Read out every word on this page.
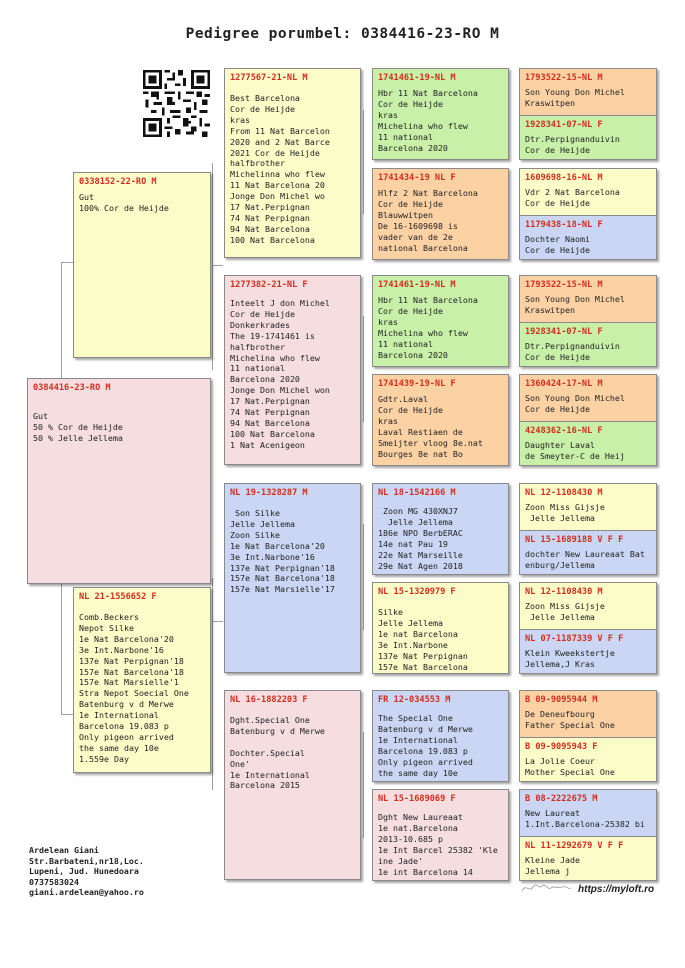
Pedigree porumbel: 0384416-23-RO M
0338152-22-RO M
Gut
100% Cor de Heijde
0384416-23-RO M
Gut
50 % Cor de Heijde
50 % Jelle Jellema
NL 21-1556652 F
Comb.Beckers
Nepot Silke
1e Nat Barcelona'20
3e Int.Narbone'16
137e Nat Perpignan'18
157e Nat Barcelona'18
157e Nat Marsielle'1
Stra Nepot Soecial One
Batenburg v d Merwe
1e International
Barcelona 19.083 p
Only pigeon arrived
the same day 10e
1.559e Day
1277567-21-NL M
Best Barcelona
Cor de Heijde
kras
From 11 Nat Barcelon
2020 and 2 Nat Barce
2021 Cor de Heijde
halfbrother
Michelinna who flew
11 Nat Barcelona 20
Jonge Don Michel wo
17 Nat.Perpignan
74 Nat Perpignan
94 Nat Barcelona
100 Nat Barcelona
1277382-21-NL F
Inteelt J don Michel
Cor de Heijde
Donkerkrades
The 19-1741461 is
halfbrother
Michelina who flew
11 national
Barcelona 2020
Jonge Don Michel won
17 Nat.Perpignan
74 Nat Perpignan
94 Nat Barcelona
100 Nat Barcelona
1 Nat Acenigeon
NL 19-1328287 M
Son Silke
Jelle Jellema
Zoon Silke
1e Nat Barcelona'20
3e Int.Narbone'16
137e Nat Perpignan'18
157e Nat Barcelona'18
157e Nat Marsielle'17
NL 16-1882203 F
Dght.Special One
Batenburg v d Merwe

Dochter.Special
One'
1e International
Barcelona 2015
1741461-19-NL M
Hbr 11 Nat Barcelona
Cor de Heijde
kras
Michelina who flew
11 national
Barcelona 2020
1741434-19 NL F
Hlfz 2 Nat Barcelona
Cor de Heijde
Blauwwitpen
De 16-1609698 is
vader van de 2e
national Barcelona
1741461-19-NL M
Hbr 11 Nat Barcelona
Cor de Heijde
kras
Michelina who flew
11 national
Barcelona 2020
1741439-19-NL F
Gdtr.Laval
Cor de Heijde
kras
Laval Restiaen de
Smeijter vloog 8e.nat
Bourges 8e nat Bo
NL 18-1542166 M
Zoon MG 430XNJ7
Jelle Jellema
186e NPO BerbERAC
14e nat Pau 19
22e Nat Marseille
29e Nat Agen 2018
NL 15-1320979 F
Silke
Jelle Jellema
1e nat Barcelona
3e Int.Narbone
137e Nat Perpignan
157e Nat Barcelona
FR 12-034553 M
The Special One
Batenburg v d Merwe
1e International
Barcelona 19.083 p
Only pigeon arrived
the same day 10e
NL 15-1689069 F
Dght New Laureaat
1e nat.Barcelona
2013-10.685 p
1e Int Barcel 25382 'Kle
ine Jade'
1e int Barcelona 14
1793522-15-NL M
Son Young Don Michel
Kraswitpen
1928341-07-NL F
Dtr.Perpignanduivin
Cor de Heijde
1609698-16-NL M
Vdr 2 Nat Barcelona
Cor de Heijde
1179438-18-NL F
Dochter Naomi
Cor de Heijde
1793522-15-NL M
Son Young Don Michel
Kraswitpen
1928341-07-NL F
Dtr.Perpignanduivin
Cor de Heijde
1360424-17-NL M
Son Young Don Michel
Cor de Heijde
4248362-16-NL F
Daughter Laval
de Smeyter-C de Heij
NL 12-1108430 M
Zoon Miss Gijsje
Jelle Jellema
NL 15-1689188 V F F
dochter New Laureaat Bat
enburg/Jellema
NL 12-1108430 M
Zoon Miss Gijsje
Jelle Jellema
NL 07-1187339 V F F
Klein Kweekstertje
Jellema,J Kras
B 09-9095944 M
De Deneufbourg
Father Special One
B 09-9095943 F
La Jolie Coeur
Mother Special One
B 08-2222675 M
New Laureat
1.Int.Barcelona-25382 bi
NL 11-1292679 V F F
Kleine Jade
Jellema j
Ardelean Giani
Str.Barbateni,nr18,Loc.
Lupeni, Jud. Hunedoara
0737583024
giani.ardelean@yahoo.ro	https://myloft.ro
